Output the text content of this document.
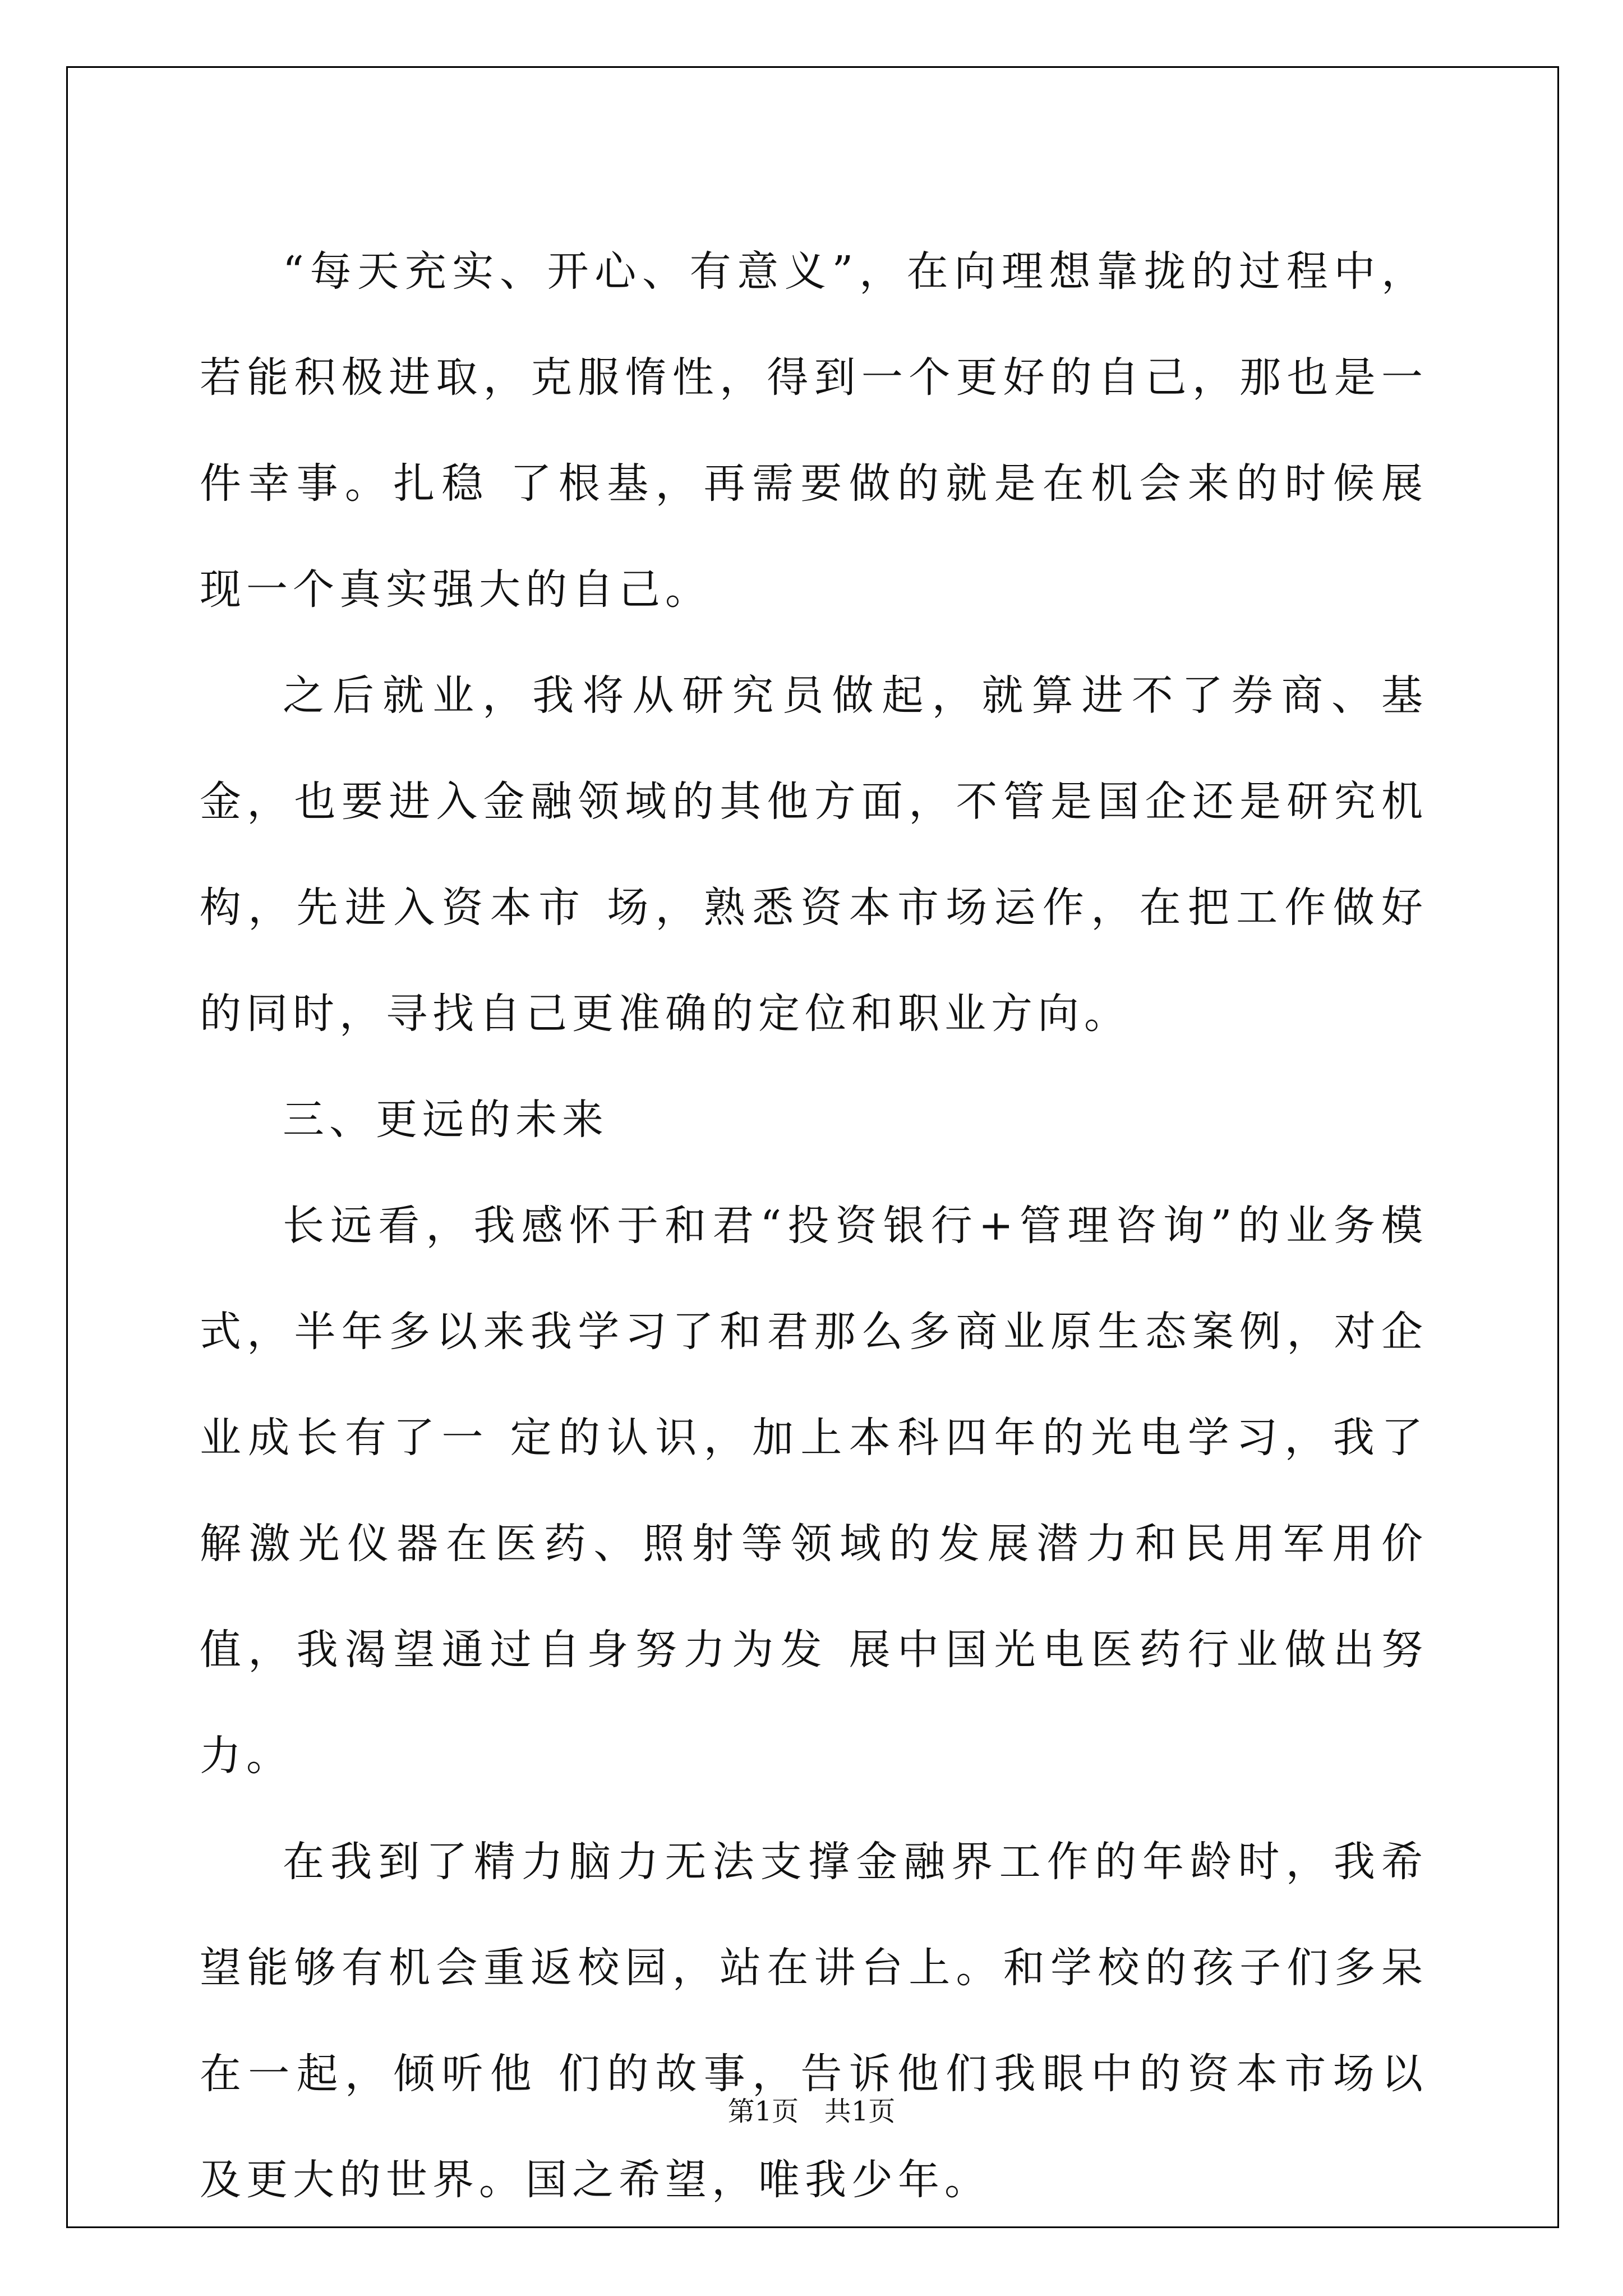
“每天充实、开心、有意义”，在向理想靠拢的过程中，若能积极进取，克服惰性，得到一个更好的自己，那也是一件幸事。扎稳 了根基，再需要做的就是在机会来的时候展现一个真实强大的自己。

之后就业，我将从研究员做起，就算进不了券商、基金，也要进入金融领域的其他方面，不管是国企还是研究机构，先进入资本市 场，熟悉资本市场运作，在把工作做好的同时，寻找自己更准确的定位和职业方向。

三、更远的未来

长远看，我感怀于和君“投资银行+管理咨询”的业务模式，半年多以来我学习了和君那么多商业原生态案例，对企业成长有了一 定的认识，加上本科四年的光电学习，我了解激光仪器在医药、照射等领域的发展潜力和民用军用价值，我渴望通过自身努力为发 展中国光电医药行业做出努力。

在我到了精力脑力无法支撑金融界工作的年龄时，我希望能够有机会重返校园，站在讲台上。和学校的孩子们多呆在一起，倾听他 们的故事，告诉他们我眼中的资本市场以及更大的世界。国之希望，唯我少年。

第1页   共1页
